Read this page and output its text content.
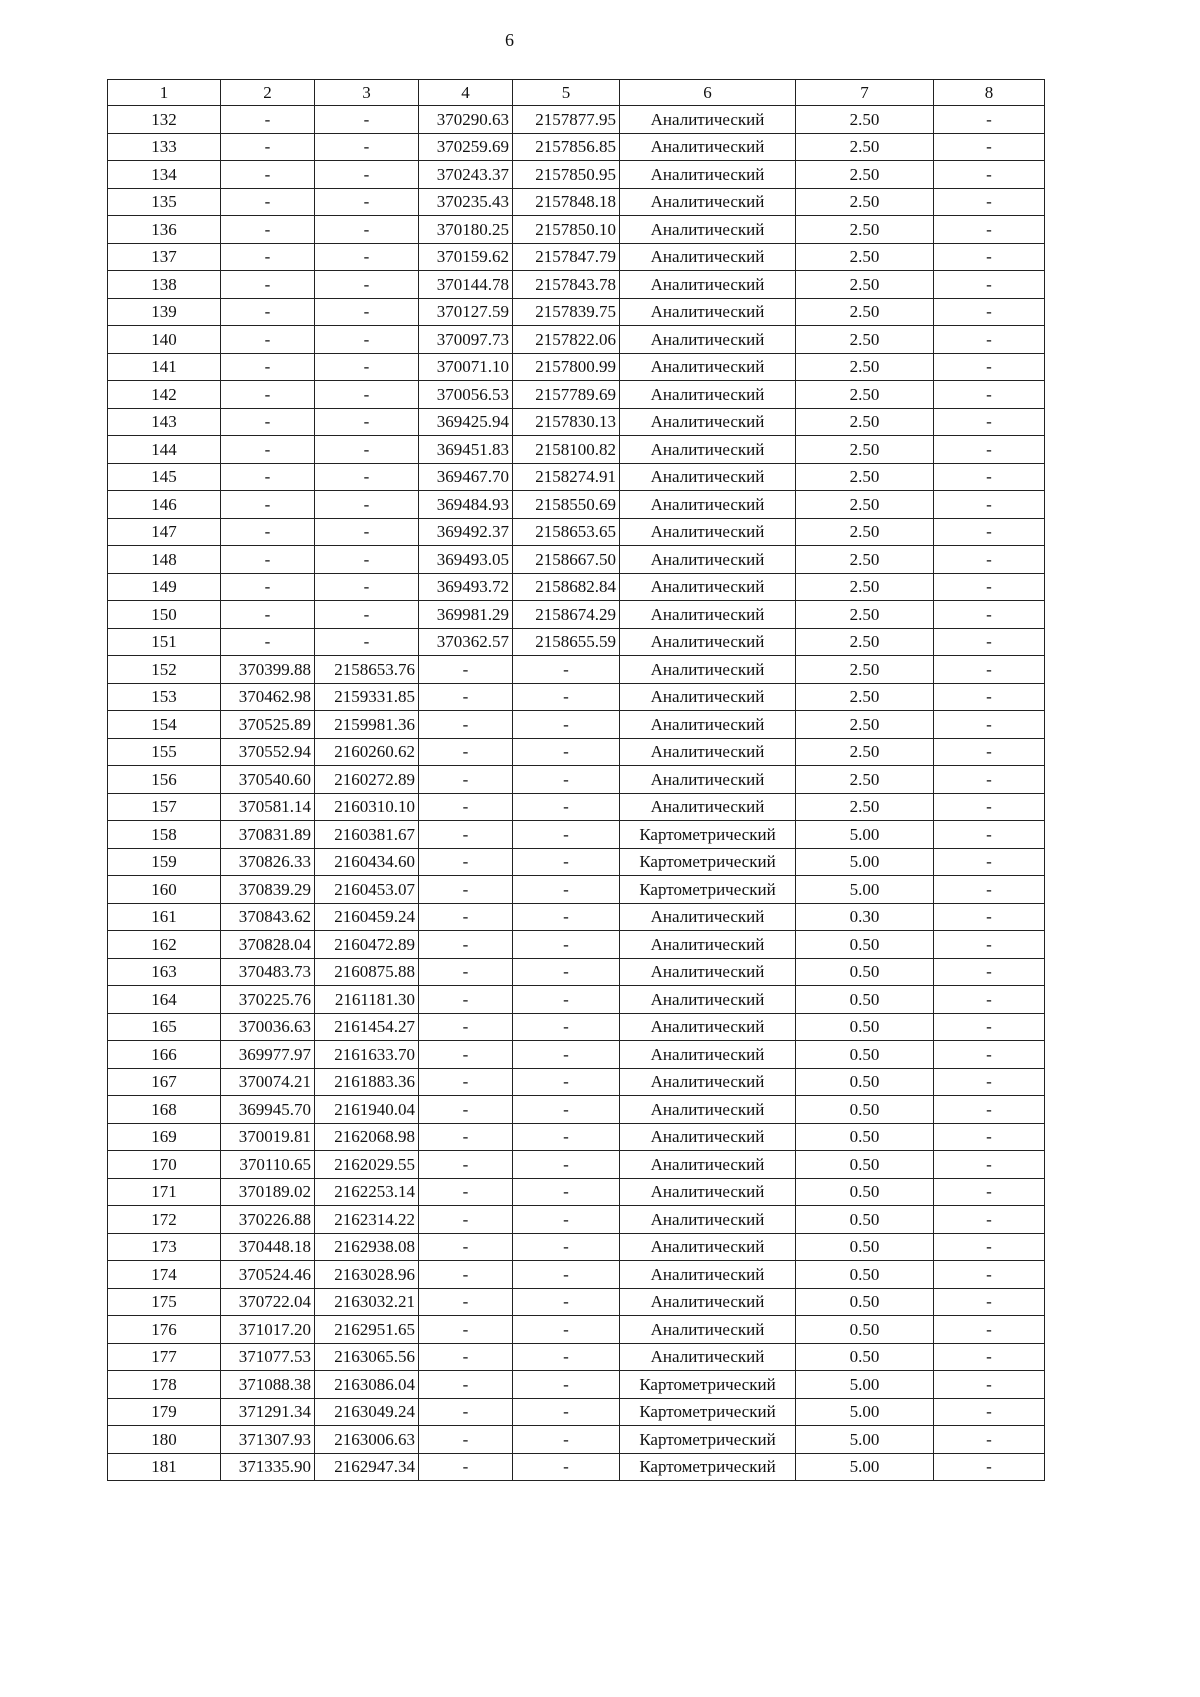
6
1	2	3	4	5	6	7	8
132	-	-	370290.63	2157877.95	Аналитический	2.50	-
133	-	-	370259.69	2157856.85	Аналитический	2.50	-
134	-	-	370243.37	2157850.95	Аналитический	2.50	-
135	-	-	370235.43	2157848.18	Аналитический	2.50	-
136	-	-	370180.25	2157850.10	Аналитический	2.50	-
137	-	-	370159.62	2157847.79	Аналитический	2.50	-
138	-	-	370144.78	2157843.78	Аналитический	2.50	-
139	-	-	370127.59	2157839.75	Аналитический	2.50	-
140	-	-	370097.73	2157822.06	Аналитический	2.50	-
141	-	-	370071.10	2157800.99	Аналитический	2.50	-
142	-	-	370056.53	2157789.69	Аналитический	2.50	-
143	-	-	369425.94	2157830.13	Аналитический	2.50	-
144	-	-	369451.83	2158100.82	Аналитический	2.50	-
145	-	-	369467.70	2158274.91	Аналитический	2.50	-
146	-	-	369484.93	2158550.69	Аналитический	2.50	-
147	-	-	369492.37	2158653.65	Аналитический	2.50	-
148	-	-	369493.05	2158667.50	Аналитический	2.50	-
149	-	-	369493.72	2158682.84	Аналитический	2.50	-
150	-	-	369981.29	2158674.29	Аналитический	2.50	-
151	-	-	370362.57	2158655.59	Аналитический	2.50	-
152	370399.88	2158653.76	-	-	Аналитический	2.50	-
153	370462.98	2159331.85	-	-	Аналитический	2.50	-
154	370525.89	2159981.36	-	-	Аналитический	2.50	-
155	370552.94	2160260.62	-	-	Аналитический	2.50	-
156	370540.60	2160272.89	-	-	Аналитический	2.50	-
157	370581.14	2160310.10	-	-	Аналитический	2.50	-
158	370831.89	2160381.67	-	-	Картометрический	5.00	-
159	370826.33	2160434.60	-	-	Картометрический	5.00	-
160	370839.29	2160453.07	-	-	Картометрический	5.00	-
161	370843.62	2160459.24	-	-	Аналитический	0.30	-
162	370828.04	2160472.89	-	-	Аналитический	0.50	-
163	370483.73	2160875.88	-	-	Аналитический	0.50	-
164	370225.76	2161181.30	-	-	Аналитический	0.50	-
165	370036.63	2161454.27	-	-	Аналитический	0.50	-
166	369977.97	2161633.70	-	-	Аналитический	0.50	-
167	370074.21	2161883.36	-	-	Аналитический	0.50	-
168	369945.70	2161940.04	-	-	Аналитический	0.50	-
169	370019.81	2162068.98	-	-	Аналитический	0.50	-
170	370110.65	2162029.55	-	-	Аналитический	0.50	-
171	370189.02	2162253.14	-	-	Аналитический	0.50	-
172	370226.88	2162314.22	-	-	Аналитический	0.50	-
173	370448.18	2162938.08	-	-	Аналитический	0.50	-
174	370524.46	2163028.96	-	-	Аналитический	0.50	-
175	370722.04	2163032.21	-	-	Аналитический	0.50	-
176	371017.20	2162951.65	-	-	Аналитический	0.50	-
177	371077.53	2163065.56	-	-	Аналитический	0.50	-
178	371088.38	2163086.04	-	-	Картометрический	5.00	-
179	371291.34	2163049.24	-	-	Картометрический	5.00	-
180	371307.93	2163006.63	-	-	Картометрический	5.00	-
181	371335.90	2162947.34	-	-	Картометрический	5.00	-
